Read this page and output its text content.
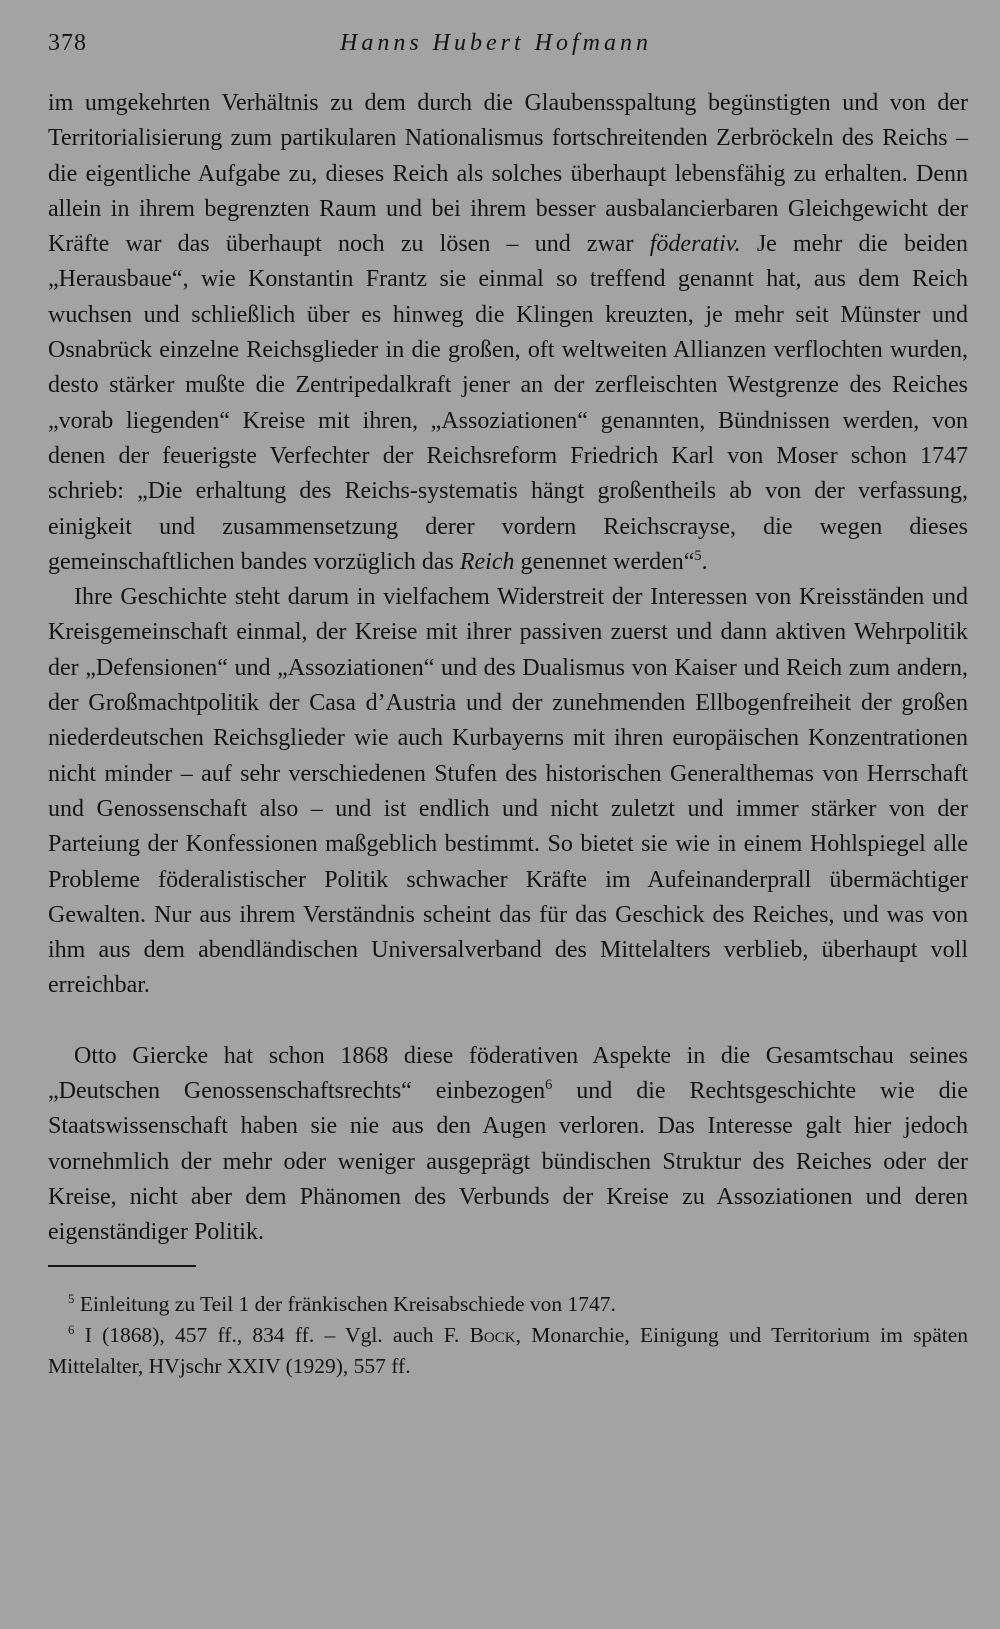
378	Hanns Hubert Hofmann

im umgekehrten Verhältnis zu dem durch die Glaubensspaltung begünstigten und von der Territorialisierung zum partikularen Nationalismus fortschreitenden Zerbröckeln des Reichs – die eigentliche Aufgabe zu, dieses Reich als solches überhaupt lebensfähig zu erhalten. Denn allein in ihrem begrenzten Raum und bei ihrem besser ausbalancierbaren Gleichgewicht der Kräfte war das überhaupt noch zu lösen – und zwar föderativ. Je mehr die beiden „Herausbaue“, wie Konstantin Frantz sie einmal so treffend genannt hat, aus dem Reich wuchsen und schließlich über es hinweg die Klingen kreuzten, je mehr seit Münster und Osnabrück einzelne Reichsglieder in die großen, oft weltweiten Allianzen verflochten wurden, desto stärker mußte die Zentripedalkraft jener an der zerfleischten Westgrenze des Reiches „vorab liegenden“ Kreise mit ihren, „Assoziationen“ genannten, Bündnissen werden, von denen der feuerigste Verfechter der Reichsreform Friedrich Karl von Moser schon 1747 schrieb: „Die erhaltung des Reichs-systematis hängt großentheils ab von der verfassung, einigkeit und zusammensetzung derer vordern Reichscrayse, die wegen dieses gemeinschaftlichen bandes vorzüglich das Reich genennet werden“$^5$.

Ihre Geschichte steht darum in vielfachem Widerstreit der Interessen von Kreisständen und Kreisgemeinschaft einmal, der Kreise mit ihrer passiven zuerst und dann aktiven Wehrpolitik der „Defensionen“ und „Assoziationen“ und des Dualismus von Kaiser und Reich zum andern, der Großmachtpolitik der Casa d’Austria und der zunehmenden Ellbogenfreiheit der großen niederdeutschen Reichsglieder wie auch Kurbayerns mit ihren europäischen Konzentrationen nicht minder – auf sehr verschiedenen Stufen des historischen Generalthemas von Herrschaft und Genossenschaft also – und ist endlich und nicht zuletzt und immer stärker von der Parteiung der Konfessionen maßgeblich bestimmt. So bietet sie wie in einem Hohlspiegel alle Probleme föderalistischer Politik schwacher Kräfte im Aufeinanderprall übermächtiger Gewalten. Nur aus ihrem Verständnis scheint das für das Geschick des Reiches, und was von ihm aus dem abendländischen Universalverband des Mittelalters verblieb, überhaupt voll erreichbar.

Otto Giercke hat schon 1868 diese föderativen Aspekte in die Gesamtschau seines „Deutschen Genossenschaftsrechts“ einbezogen$^6$ und die Rechtsgeschichte wie die Staatswissenschaft haben sie nie aus den Augen verloren. Das Interesse galt hier jedoch vornehmlich der mehr oder weniger ausgeprägt bündischen Struktur des Reiches oder der Kreise, nicht aber dem Phänomen des Verbunds der Kreise zu Assoziationen und deren eigenständiger Politik.

$^5$ Einleitung zu Teil 1 der fränkischen Kreisabschiede von 1747.

$^6$ I (1868), 457 ff., 834 ff. – Vgl. auch F. Bock, Monarchie, Einigung und Territorium im späten Mittelalter, HVjschr XXIV (1929), 557 ff.
